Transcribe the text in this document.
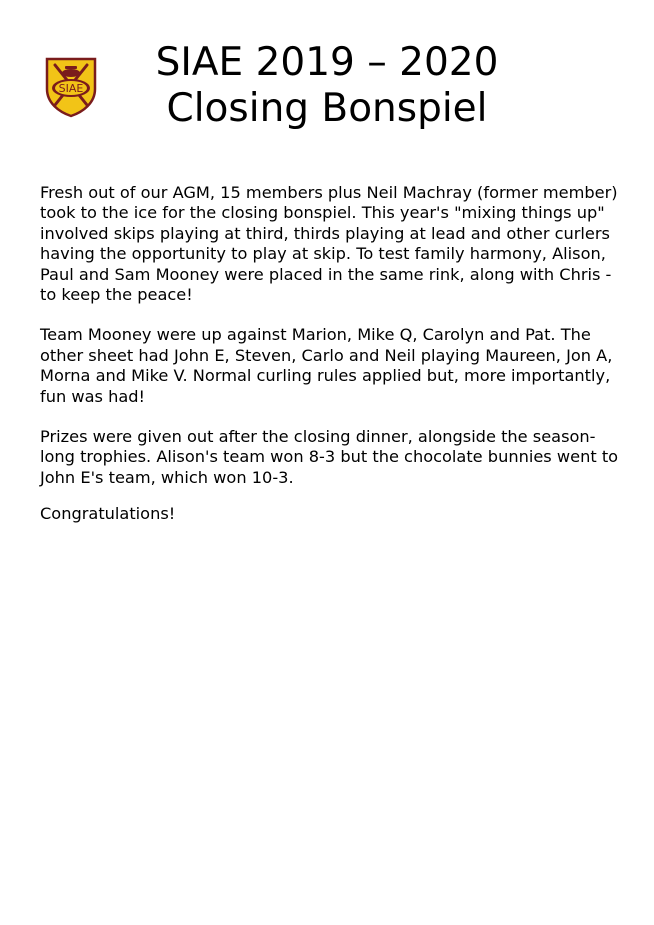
SIAE
SIAE 2019 – 2020
Closing Bonspiel

Fresh out of our AGM, 15 members plus Neil Machray (former member) took to the ice for the closing bonspiel. This year's "mixing things up" involved skips playing at third, thirds playing at lead and other curlers having the opportunity to play at skip. To test family harmony, Alison, Paul and Sam Mooney were placed in the same rink, along with Chris - to keep the peace!

Team Mooney were up against Marion, Mike Q, Carolyn and Pat. The other sheet had John E, Steven, Carlo and Neil playing Maureen, Jon A, Morna and Mike V. Normal curling rules applied but, more importantly, fun was had!

Prizes were given out after the closing dinner, alongside the season-long trophies. Alison's team won 8-3 but the chocolate bunnies went to John E's team, which won 10-3.

Congratulations!
